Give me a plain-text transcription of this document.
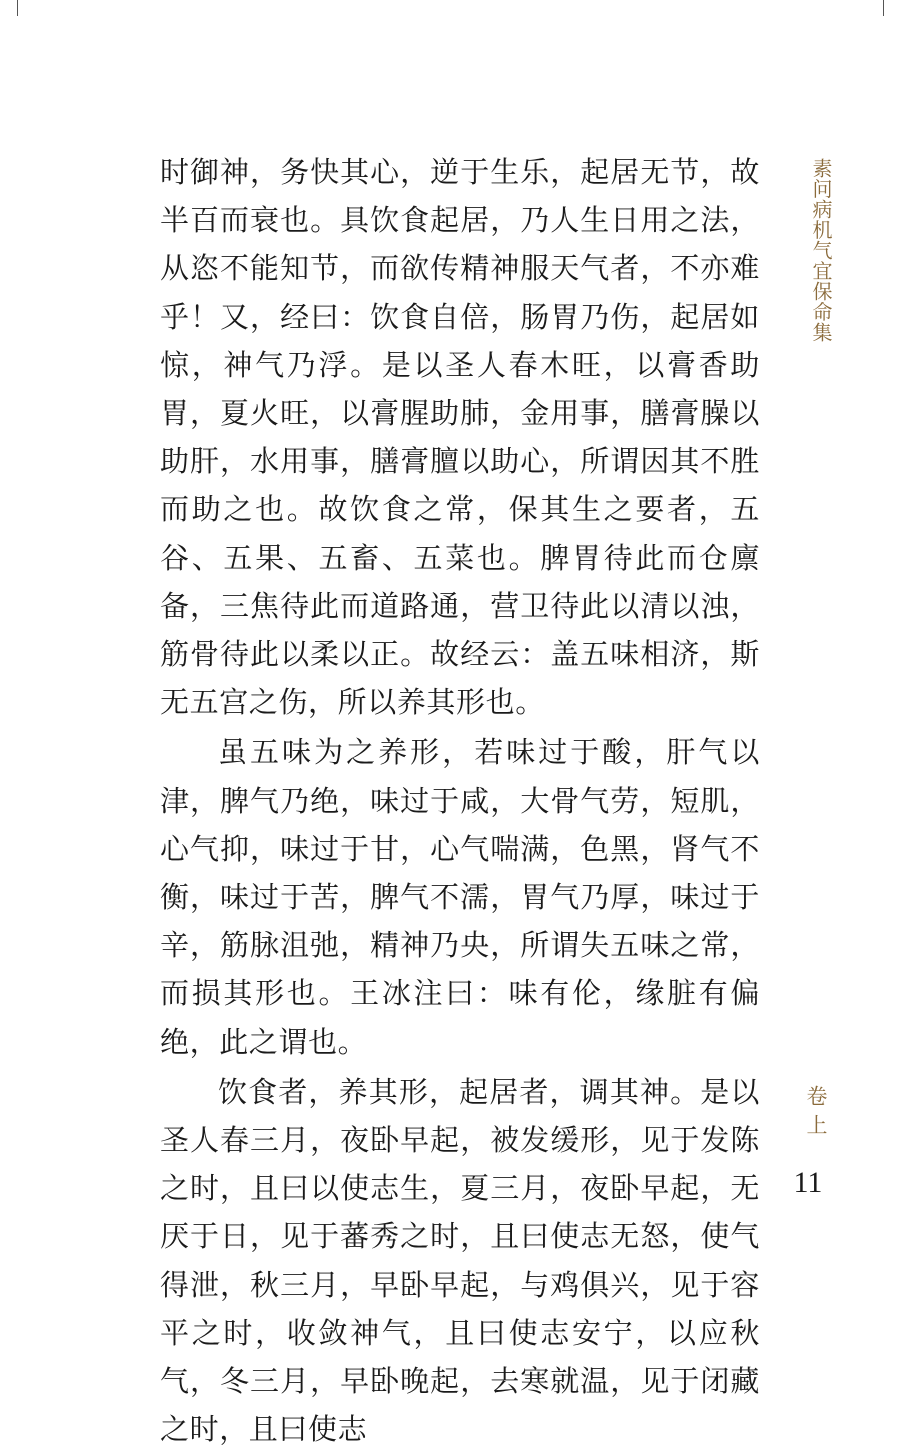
时御神，务快其心，逆于生乐，起居无节，故半百而衰也。具饮食起居，乃人生日用之法，从恣不能知节，而欲传精神服天气者，不亦难乎！又，经曰：饮食自倍，肠胃乃伤，起居如惊，神气乃浮。是以圣人春木旺，以膏香助胃，夏火旺，以膏腥助肺，金用事，膳膏臊以助肝，水用事，膳膏膻以助心，所谓因其不胜而助之也。故饮食之常，保其生之要者，五谷、五果、五畜、五菜也。脾胃待此而仓廪备，三焦待此而道路通，营卫待此以清以浊，筋骨待此以柔以正。故经云：盖五味相济，斯无五宫之伤，所以养其形也。

虽五味为之养形，若味过于酸，肝气以津，脾气乃绝，味过于咸，大骨气劳，短肌，心气抑，味过于甘，心气喘满，色黑，肾气不衡，味过于苦，脾气不濡，胃气乃厚，味过于辛，筋脉沮弛，精神乃央，所谓失五味之常，而损其形也。王冰注曰：味有伦，缘脏有偏绝，此之谓也。

饮食者，养其形，起居者，调其神。是以圣人春三月，夜卧早起，被发缓形，见于发陈之时，且曰以使志生，夏三月，夜卧早起，无厌于日，见于蕃秀之时，且曰使志无怒，使气得泄，秋三月，早卧早起，与鸡俱兴，见于容平之时，收敛神气，且曰使志安宁，以应秋气，冬三月，早卧晚起，去寒就温，见于闭藏之时，且曰使志

素问病机气宜保命集
卷上
11
